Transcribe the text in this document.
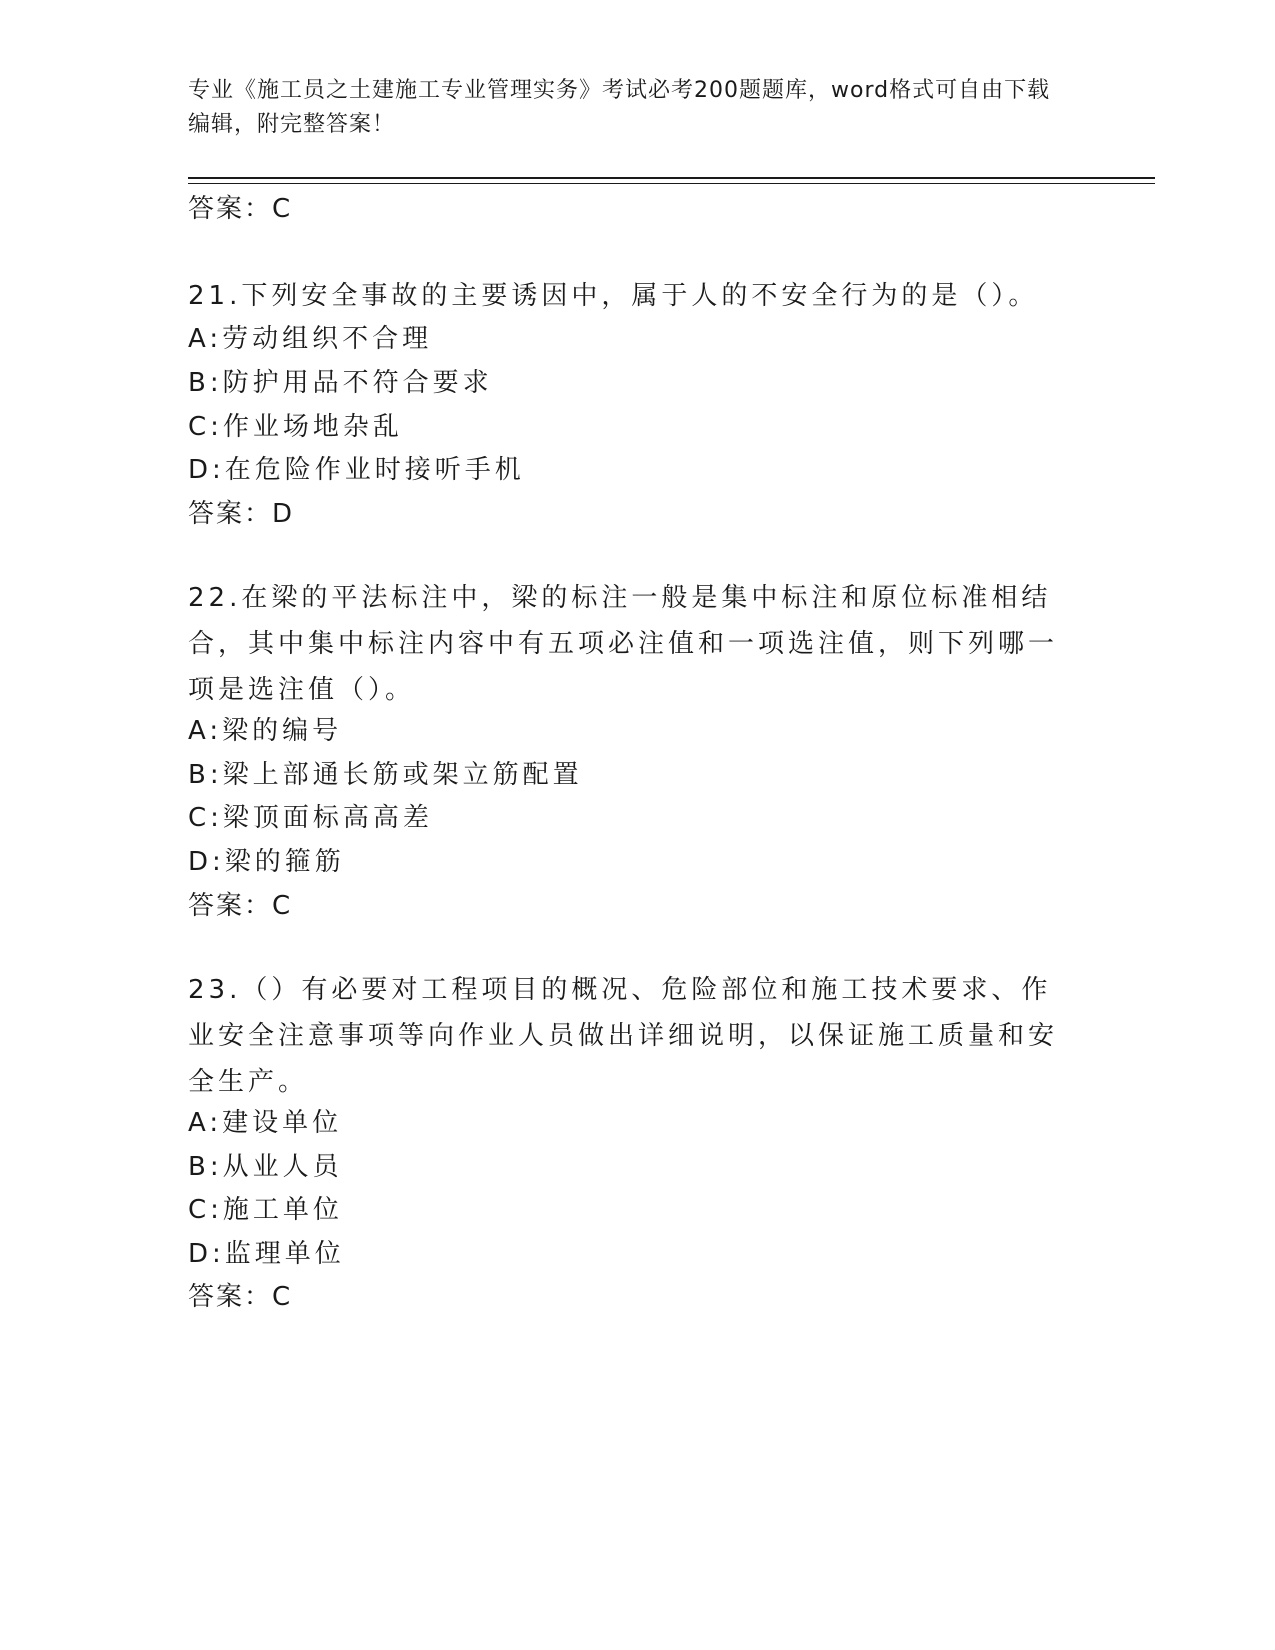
专业《施工员之土建施工专业管理实务》考试必考200题题库，word格式可自由下载编辑，附完整答案！
答案：C
21.下列安全事故的主要诱因中，属于人的不安全行为的是（）。
A:劳动组织不合理
B:防护用品不符合要求
C:作业场地杂乱
D:在危险作业时接听手机
答案：D
22.在梁的平法标注中，梁的标注一般是集中标注和原位标准相结合，其中集中标注内容中有五项必注值和一项选注值，则下列哪一项是选注值（）。
A:梁的编号
B:梁上部通长筋或架立筋配置
C:梁顶面标高高差
D:梁的箍筋
答案：C
23.（）有必要对工程项目的概况、危险部位和施工技术要求、作业安全注意事项等向作业人员做出详细说明，以保证施工质量和安全生产。
A:建设单位
B:从业人员
C:施工单位
D:监理单位
答案：C
